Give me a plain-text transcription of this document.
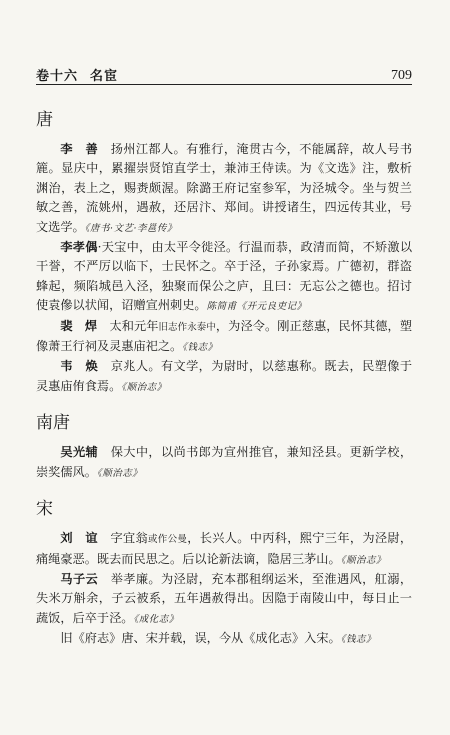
卷十六 名宦	709
唐

李　善　 扬州江都人。有雅行，淹贯古今，不能属辞，故人号书簏。显庆中，累擢崇贤馆直学士，兼沛王侍读。为《文选》注，敷析渊治，表上之，赐赉颇渥。除潞王府记室参军，为泾城令。坐与贺兰敏之善，流姚州，遇赦，还居汴、郑间。讲授诸生，四远传其业，号文选学。《唐书·文艺·李邕传》

李孝偶·天宝中，由太平令徙泾。行温而恭，政清而简，不矫激以干誉，不严厉以临下，士民怀之。卒于泾，子孙家焉。广德初，群盗蜂起，频陷城邑入泾，独聚而保公之庐，且曰：无忘公之德也。招讨使袁傪以状闻，诏赠宣州刺史。陈简甫《开元良吏记》

裴　焊　 太和元年旧志作永泰中，为泾令。刚正慈惠，民怀其德，塑像萧王行祠及灵惠庙祀之。《钱志》

韦　焕　 京兆人。有文学，为尉时，以慈惠称。既去，民塑像于灵惠庙侑食焉。《顺治志》

南唐

吴光辅　 保大中，以尚书郎为宣州推官，兼知泾县。更新学校，崇奖儒风。《顺治志》

宋

刘　谊　 字宜翁或作公曼，长兴人。中丙科，熙宁三年，为泾尉，痛绳豪恶。既去而民思之。后以论新法谪，隐居三茅山。《顺治志》

马子云　 举孝廉。为泾尉，充本郡租纲运米，至淮遇风，舡溺，失米万斛余，子云被系，五年遇赦得出。因隐于南陵山中，每日止一蔬饭，后卒于泾。《成化志》

旧《府志》唐、宋并载，误，今从《成化志》入宋。《钱志》
